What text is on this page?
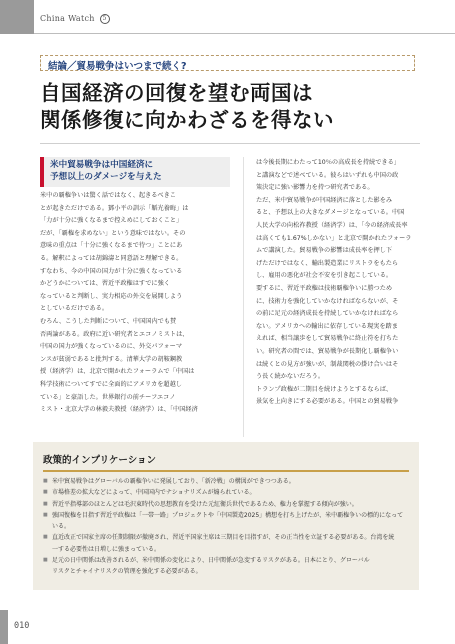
China Watch 5
結論／貿易戦争はいつまで続く?
自国経済の回復を望む両国は
関係修復に向かわざるを得ない
米中貿易戦争は中国経済に
予想以上のダメージを与えた
米中の覇権争いは驚く話ではなく、起きるべきこ
とが起きただけである。鄧小平の訓示「韜光養晦」は
「力が十分に強くなるまで控えめにしておくこと」
だが、「覇権を求めない」という意味ではない。その
意味の重点は「十分に強くなるまで待つ」ことにあ
る。解釈によっては胡錦濤と同意語と理解できる。
すなわち、今の中国の国力が十分に強くなっている
かどうかについては、習近平政権はすでに強く
なっていると判断し、実力相応の外交を展開しよう
としているだけである。
むろん、こうした判断について、中国国内でも賛
否両論がある。政府に近い研究者とエコノミストは、
中国の国力が強くなっているのに、外交パフォーマ
ンスが貧弱であると批判する。清華大学の胡鞍鋼教
授（経済学）は、北京で開かれたフォーラムで「中国は
科学技術についてすでに全面的にアメリカを超越し
ている」と豪語した。世界銀行の前チーフエコノ
ミスト・北京大学の林毅夫教授（経済学）は、「中国経済
は今後長期にわたって10％の高成長を持続できる」
と講演などで述べている。彼らはいずれも中国の政
策決定に強い影響力を持つ研究者である。
ただ、米中貿易戦争が中国経済に落とした影をみ
ると、予想以上の大きなダメージとなっている。中国
人民大学の向松祚教授（経済学）は、「今の経済成長率
は高くても1.67%しかない」と北京で開かれたフォーラ
ムで講演した。貿易戦争の影響は成長率を押し下
げただけではなく、輸出製造業にリストラをもたら
し、雇用の悪化が社会不安を引き起こしている。
要するに、習近平政権は技術覇権争いに勝つため
に、技術力を強化していかなければならないが、そ
の前に足元の経済成長を持続していかなければなら
ない。アメリカへの輸出に依存している現実を踏ま
えれば、相当譲歩をして貿易戦争に終止符を打ちた
い。研究者の間では、貿易戦争が長期化し覇権争い
は続くとの見方が強いが、制裁関税の掛け合いはそ
う長く続かないだろう。
トランプ政権が二期目を続けようとするならば、
景気を上向きにする必要がある。中国との貿易戦争
政策的インプリケーション
■ 米中貿易戦争はグローバルの覇権争いに発展しており、「新冷戦」の構図ができつつある。
■ 市場格差の拡大などによって、中国国内でナショナリズムが煽られている。
■ 習近平指導部のほとんどは毛沢東時代の思想教育を受けた元紅衛兵世代であるため、権力を掌握する傾向が強い。
■ 強国復権を目指す習近平政権は「一帯一路」プロジェクトや「中国製造2025」構想を打ち上げたが、米中覇権争いの標的になって
いる。
■ 直近改正で国家主席の任期制限が撤廃され、習近平国家主席は三期目を目指すが、その正当性を立証する必要がある。台湾を統
一する必要性は日増しに強まっている。
■ 足元の日中関係は改善されるが、米中関係の変化により、日中関係が急変するリスクがある。日本にとり、グローバル
リスクとチャイナリスクの管理を強化する必要がある。
010
